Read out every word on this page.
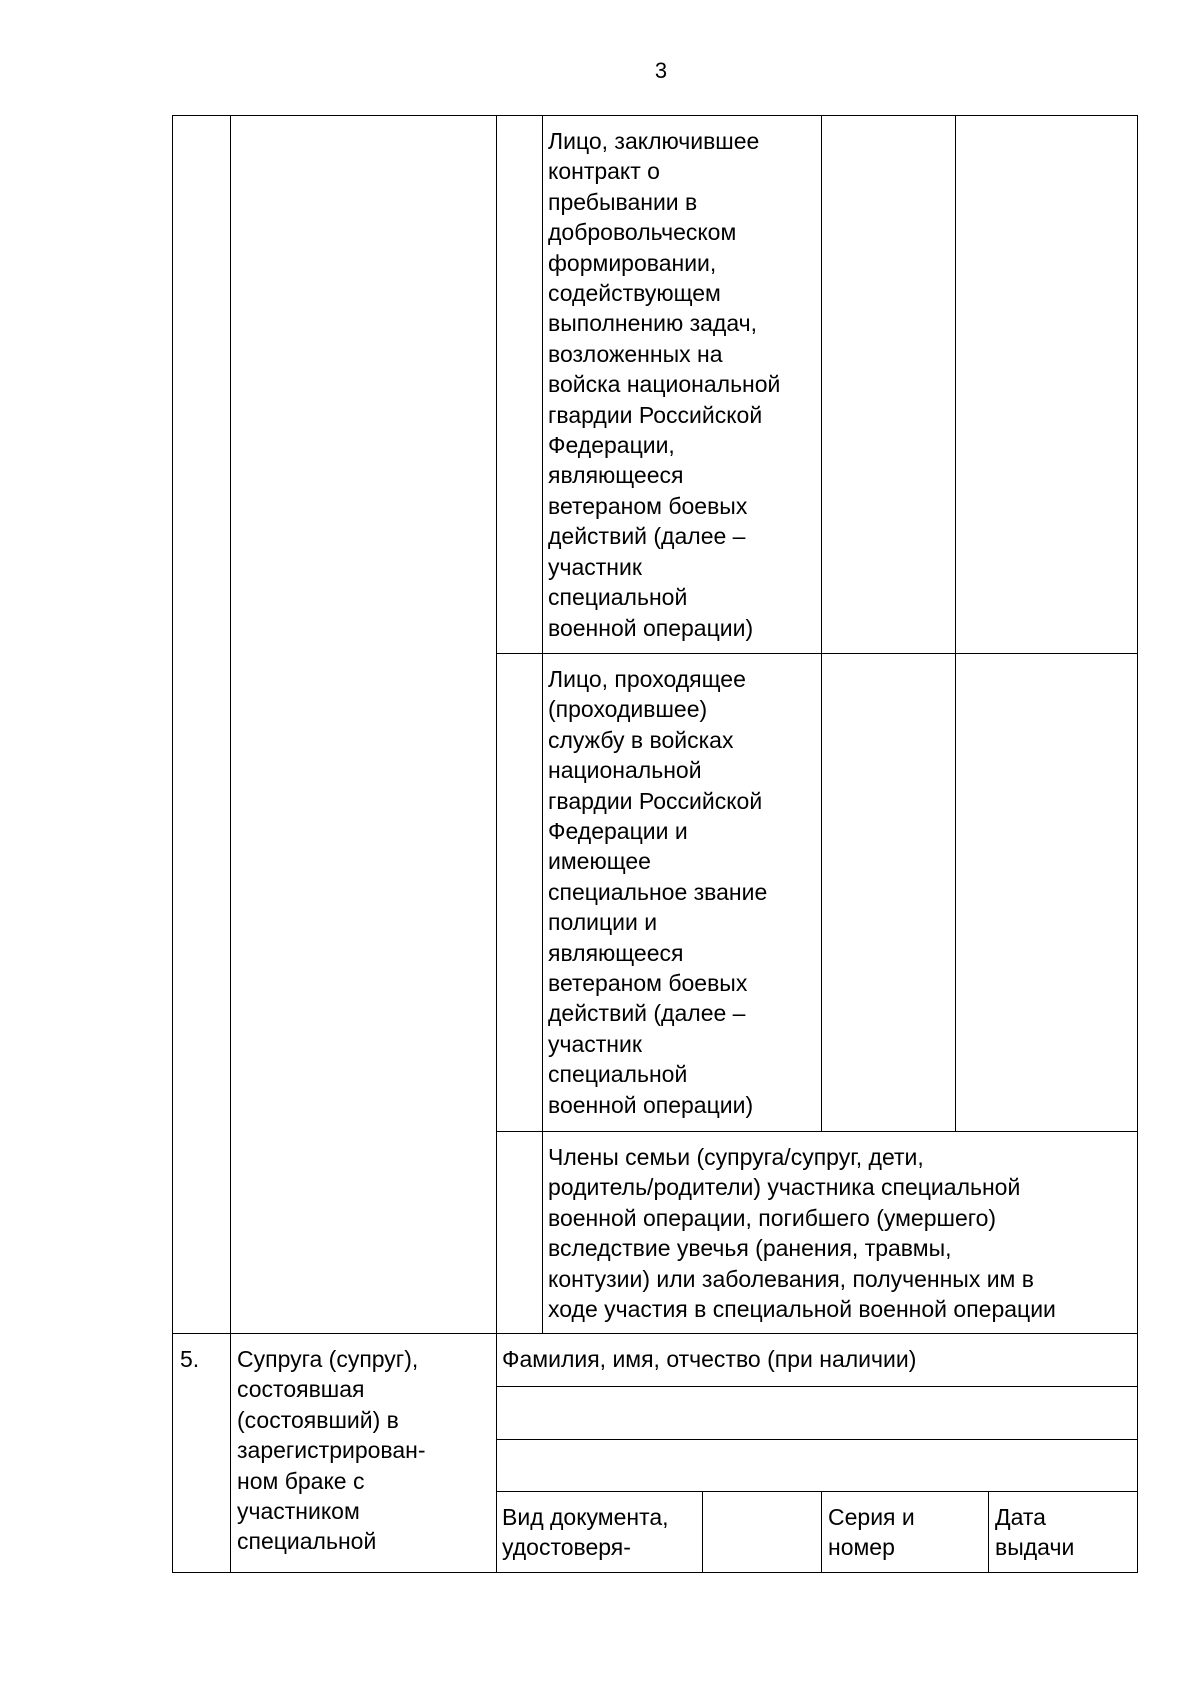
3
Лицо, заключившее
контракт о
пребывании в
добровольческом
формировании,
содействующем
выполнению задач,
возложенных на
войска национальной
гвардии Российской
Федерации,
являющееся
ветераном боевых
действий (далее –
участник
специальной
военной операции)
Лицо, проходящее
(проходившее)
службу в войсках
национальной
гвардии Российской
Федерации и
имеющее
специальное звание
полиции и
являющееся
ветераном боевых
действий (далее –
участник
специальной
военной операции)
Члены семьи (супруга/супруг, дети,
родитель/родители) участника специальной
военной операции, погибшего (умершего)
вследствие увечья (ранения, травмы,
контузии) или заболевания, полученных им в
ходе участия в специальной военной операции
5. Супруга (супруг),
состоявшая
(состоявший) в
зарегистрирован-
ном браке с
участником
специальной
Фамилия, имя, отчество (при наличии)
Вид документа,
удостоверя-
Серия и
номер
Дата
выдачи
